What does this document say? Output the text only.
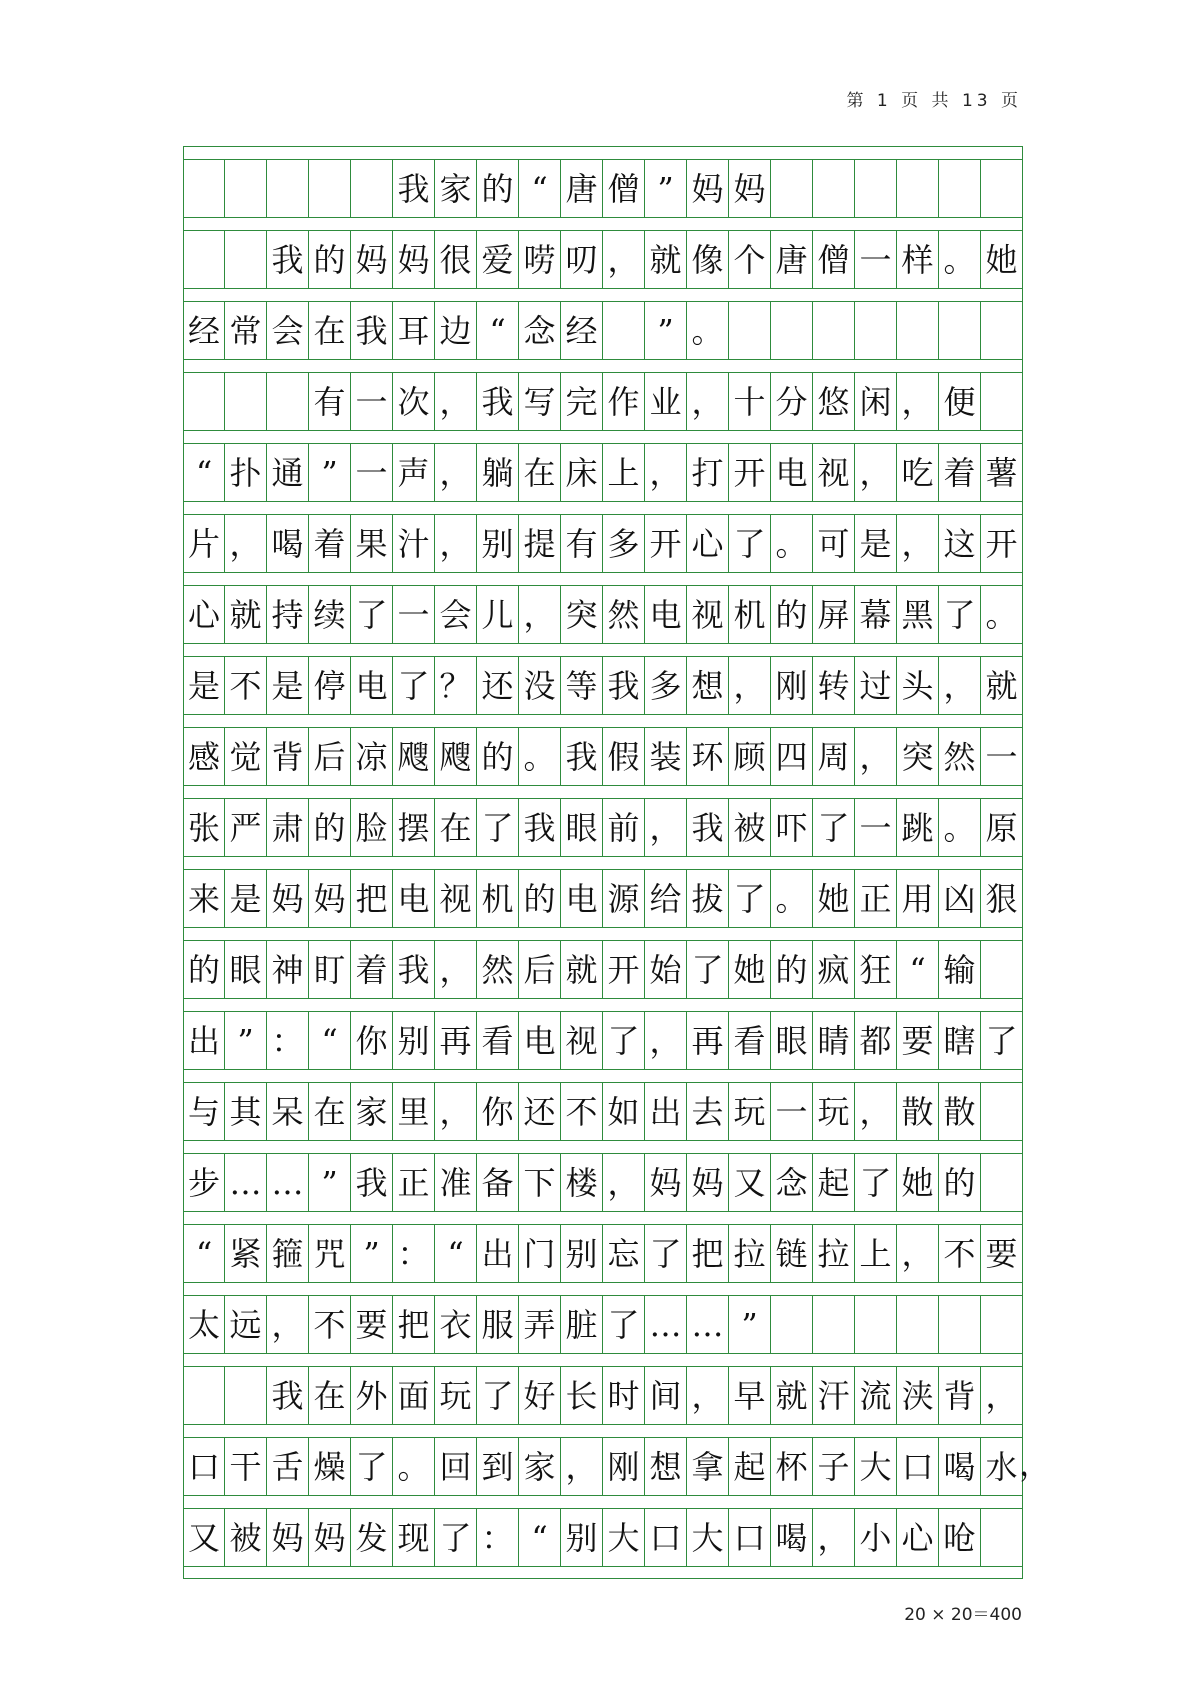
第 1 页 共 13 页
我 家 的 “ 唐 僧 ” 妈 妈
我 的 妈 妈 很 爱 唠 叨 ， 就 像 个 唐 僧 一 样 。 她
经 常 会 在 我 耳 边 “ 念 经	” 。
有 一 次 ， 我 写 完 作 业 ， 十 分 悠 闲 ， 便
“ 扑 通 ” 一 声 ， 躺 在 床 上 ， 打 开 电 视 ， 吃 着 薯
片 ， 喝 着 果 汁 ， 别 提 有 多 开 心 了 。 可 是 ， 这 开
心 就 持 续 了 一 会 儿 ， 突 然 电 视 机 的 屏 幕 黑 了 。
是 不 是 停 电 了 ？ 还 没 等 我 多 想 ， 刚 转 过 头 ， 就
感 觉 背 后 凉 飕 飕 的 。 我 假 装 环 顾 四 周 ， 突 然 一
张 严 肃 的 脸 摆 在 了 我 眼 前 ， 我 被 吓 了 一 跳 。 原
来 是 妈 妈 把 电 视 机 的 电 源 给 拔 了 。 她 正 用 凶 狠
的 眼 神 盯 着 我 ， 然 后 就 开 始 了 她 的 疯 狂 “ 输
出 ” ： “ 你 别 再 看 电 视 了 ， 再 看 眼 睛 都 要 瞎 了
与 其 呆 在 家 里 ， 你 还 不 如 出 去 玩 一 玩 ， 散 散
步 … … ” 我 正 准 备 下 楼 ， 妈 妈 又 念 起 了 她 的
“ 紧 箍 咒 ” ： “ 出 门 别 忘 了 把 拉 链 拉 上 ， 不 要
太 远 ， 不 要 把 衣 服 弄 脏 了 … … ”
我 在 外 面 玩 了 好 长 时 间 ， 早 就 汗 流 浃 背 ，
口 干 舌 燥 了 。 回 到 家 ， 刚 想 拿 起 杯 子 大 口 喝 水 ，
又 被 妈 妈 发 现 了 ： “ 别 大 口 大 口 喝 ， 小 心 呛
20 × 20＝400
